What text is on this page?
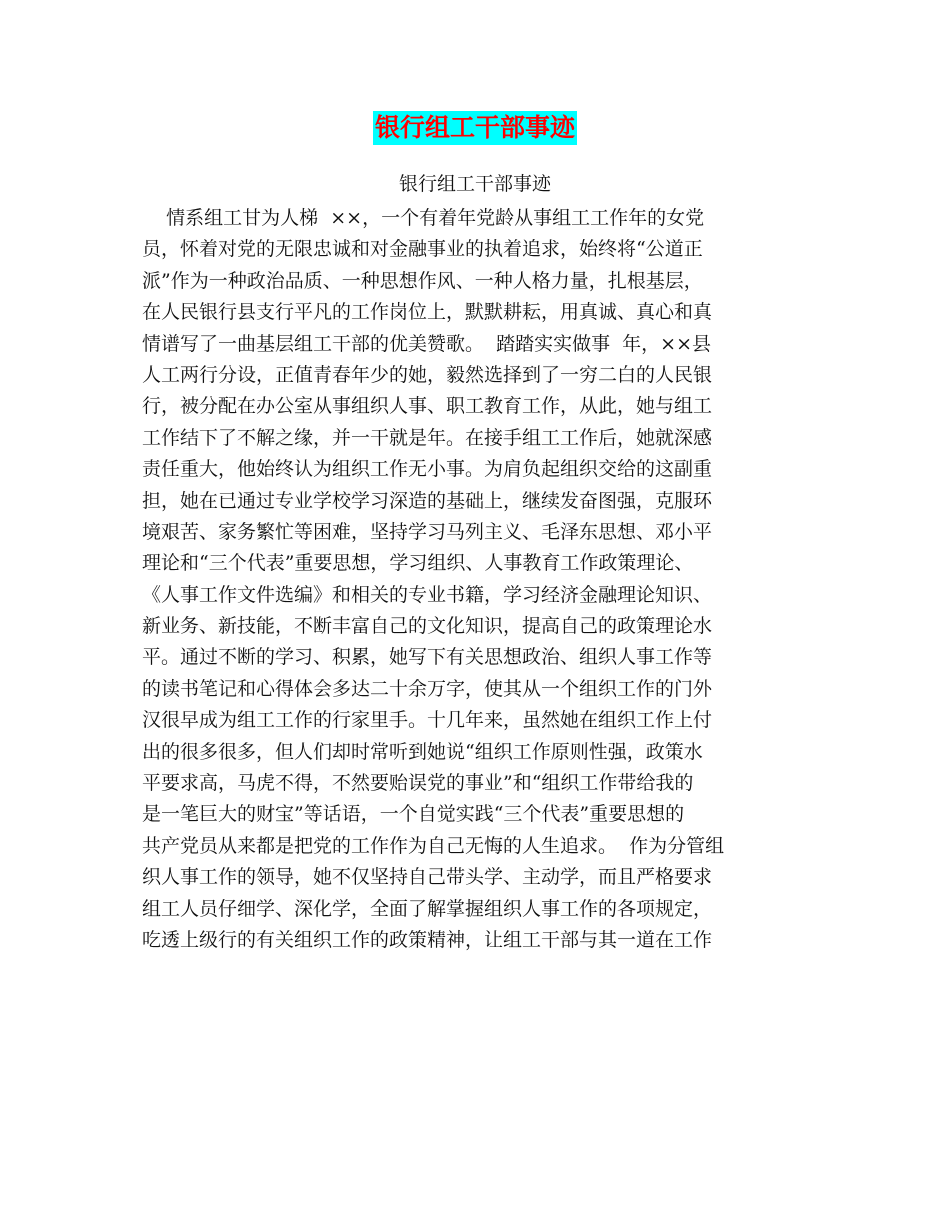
银行组工干部事迹
银行组工干部事迹
情系组工甘为人梯  ××，一个有着年党龄从事组工工作年的女党
员，怀着对党的无限忠诚和对金融事业的执着追求，始终将“公道正
派”作为一种政治品质、一种思想作风、一种人格力量，扎根基层，
在人民银行县支行平凡的工作岗位上，默默耕耘，用真诚、真心和真
情谱写了一曲基层组工干部的优美赞歌。  踏踏实实做事  年，××县
人工两行分设，正值青春年少的她，毅然选择到了一穷二白的人民银
行，被分配在办公室从事组织人事、职工教育工作，从此，她与组工
工作结下了不解之缘，并一干就是年。在接手组工工作后，她就深感
责任重大，他始终认为组织工作无小事。为肩负起组织交给的这副重
担，她在已通过专业学校学习深造的基础上，继续发奋图强，克服环
境艰苦、家务繁忙等困难，坚持学习马列主义、毛泽东思想、邓小平
理论和“三个代表”重要思想，学习组织、人事教育工作政策理论、
《人事工作文件选编》和相关的专业书籍，学习经济金融理论知识、
新业务、新技能，不断丰富自己的文化知识，提高自己的政策理论水
平。通过不断的学习、积累，她写下有关思想政治、组织人事工作等
的读书笔记和心得体会多达二十余万字，使其从一个组织工作的门外
汉很早成为组工工作的行家里手。十几年来，虽然她在组织工作上付
出的很多很多，但人们却时常听到她说“组织工作原则性强，政策水
平要求高，马虎不得，不然要贻误党的事业”和“组织工作带给我的
是一笔巨大的财宝”等话语，一个自觉实践“三个代表”重要思想的
共产党员从来都是把党的工作作为自己无悔的人生追求。  作为分管组
织人事工作的领导，她不仅坚持自己带头学、主动学，而且严格要求
组工人员仔细学、深化学，全面了解掌握组织人事工作的各项规定，
吃透上级行的有关组织工作的政策精神，让组工干部与其一道在工作
